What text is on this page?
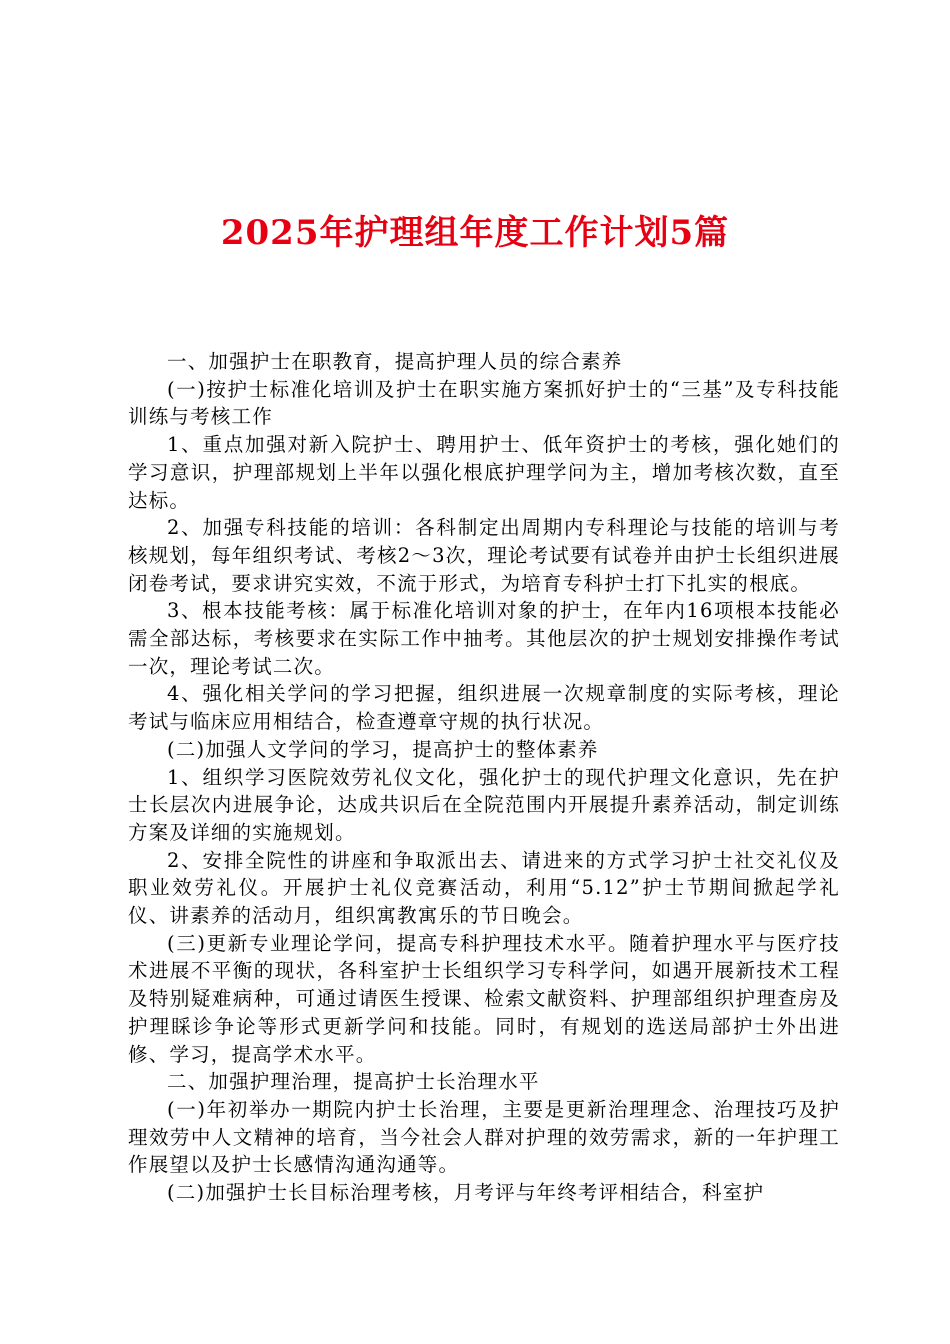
2025年护理组年度工作计划5篇

一、加强护士在职教育，提高护理人员的综合素养

(一)按护士标准化培训及护士在职实施方案抓好护士的“三基”及专科技能训练与考核工作

1、重点加强对新入院护士、聘用护士、低年资护士的考核，强化她们的学习意识，护理部规划上半年以强化根底护理学问为主，增加考核次数，直至达标。

2、加强专科技能的培训：各科制定出周期内专科理论与技能的培训与考核规划，每年组织考试、考核2～3次，理论考试要有试卷并由护士长组织进展闭卷考试，要求讲究实效，不流于形式，为培育专科护士打下扎实的根底。

3、根本技能考核：属于标准化培训对象的护士，在年内16项根本技能必需全部达标，考核要求在实际工作中抽考。其他层次的护士规划安排操作考试一次，理论考试二次。

4、强化相关学问的学习把握，组织进展一次规章制度的实际考核，理论考试与临床应用相结合，检查遵章守规的执行状况。

(二)加强人文学问的学习，提高护士的整体素养

1、组织学习医院效劳礼仪文化，强化护士的现代护理文化意识，先在护士长层次内进展争论，达成共识后在全院范围内开展提升素养活动，制定训练方案及详细的实施规划。

2、安排全院性的讲座和争取派出去、请进来的方式学习护士社交礼仪及职业效劳礼仪。开展护士礼仪竞赛活动，利用“5.12”护士节期间掀起学礼仪、讲素养的活动月，组织寓教寓乐的节日晚会。

(三)更新专业理论学问，提高专科护理技术水平。随着护理水平与医疗技术进展不平衡的现状，各科室护士长组织学习专科学问，如遇开展新技术工程及特别疑难病种，可通过请医生授课、检索文献资料、护理部组织护理查房及护理睬诊争论等形式更新学问和技能。同时，有规划的选送局部护士外出进修、学习，提高学术水平。

二、加强护理治理，提高护士长治理水平

(一)年初举办一期院内护士长治理，主要是更新治理理念、治理技巧及护理效劳中人文精神的培育，当今社会人群对护理的效劳需求，新的一年护理工作展望以及护士长感情沟通沟通等。

(二)加强护士长目标治理考核，月考评与年终考评相结合，科室护
